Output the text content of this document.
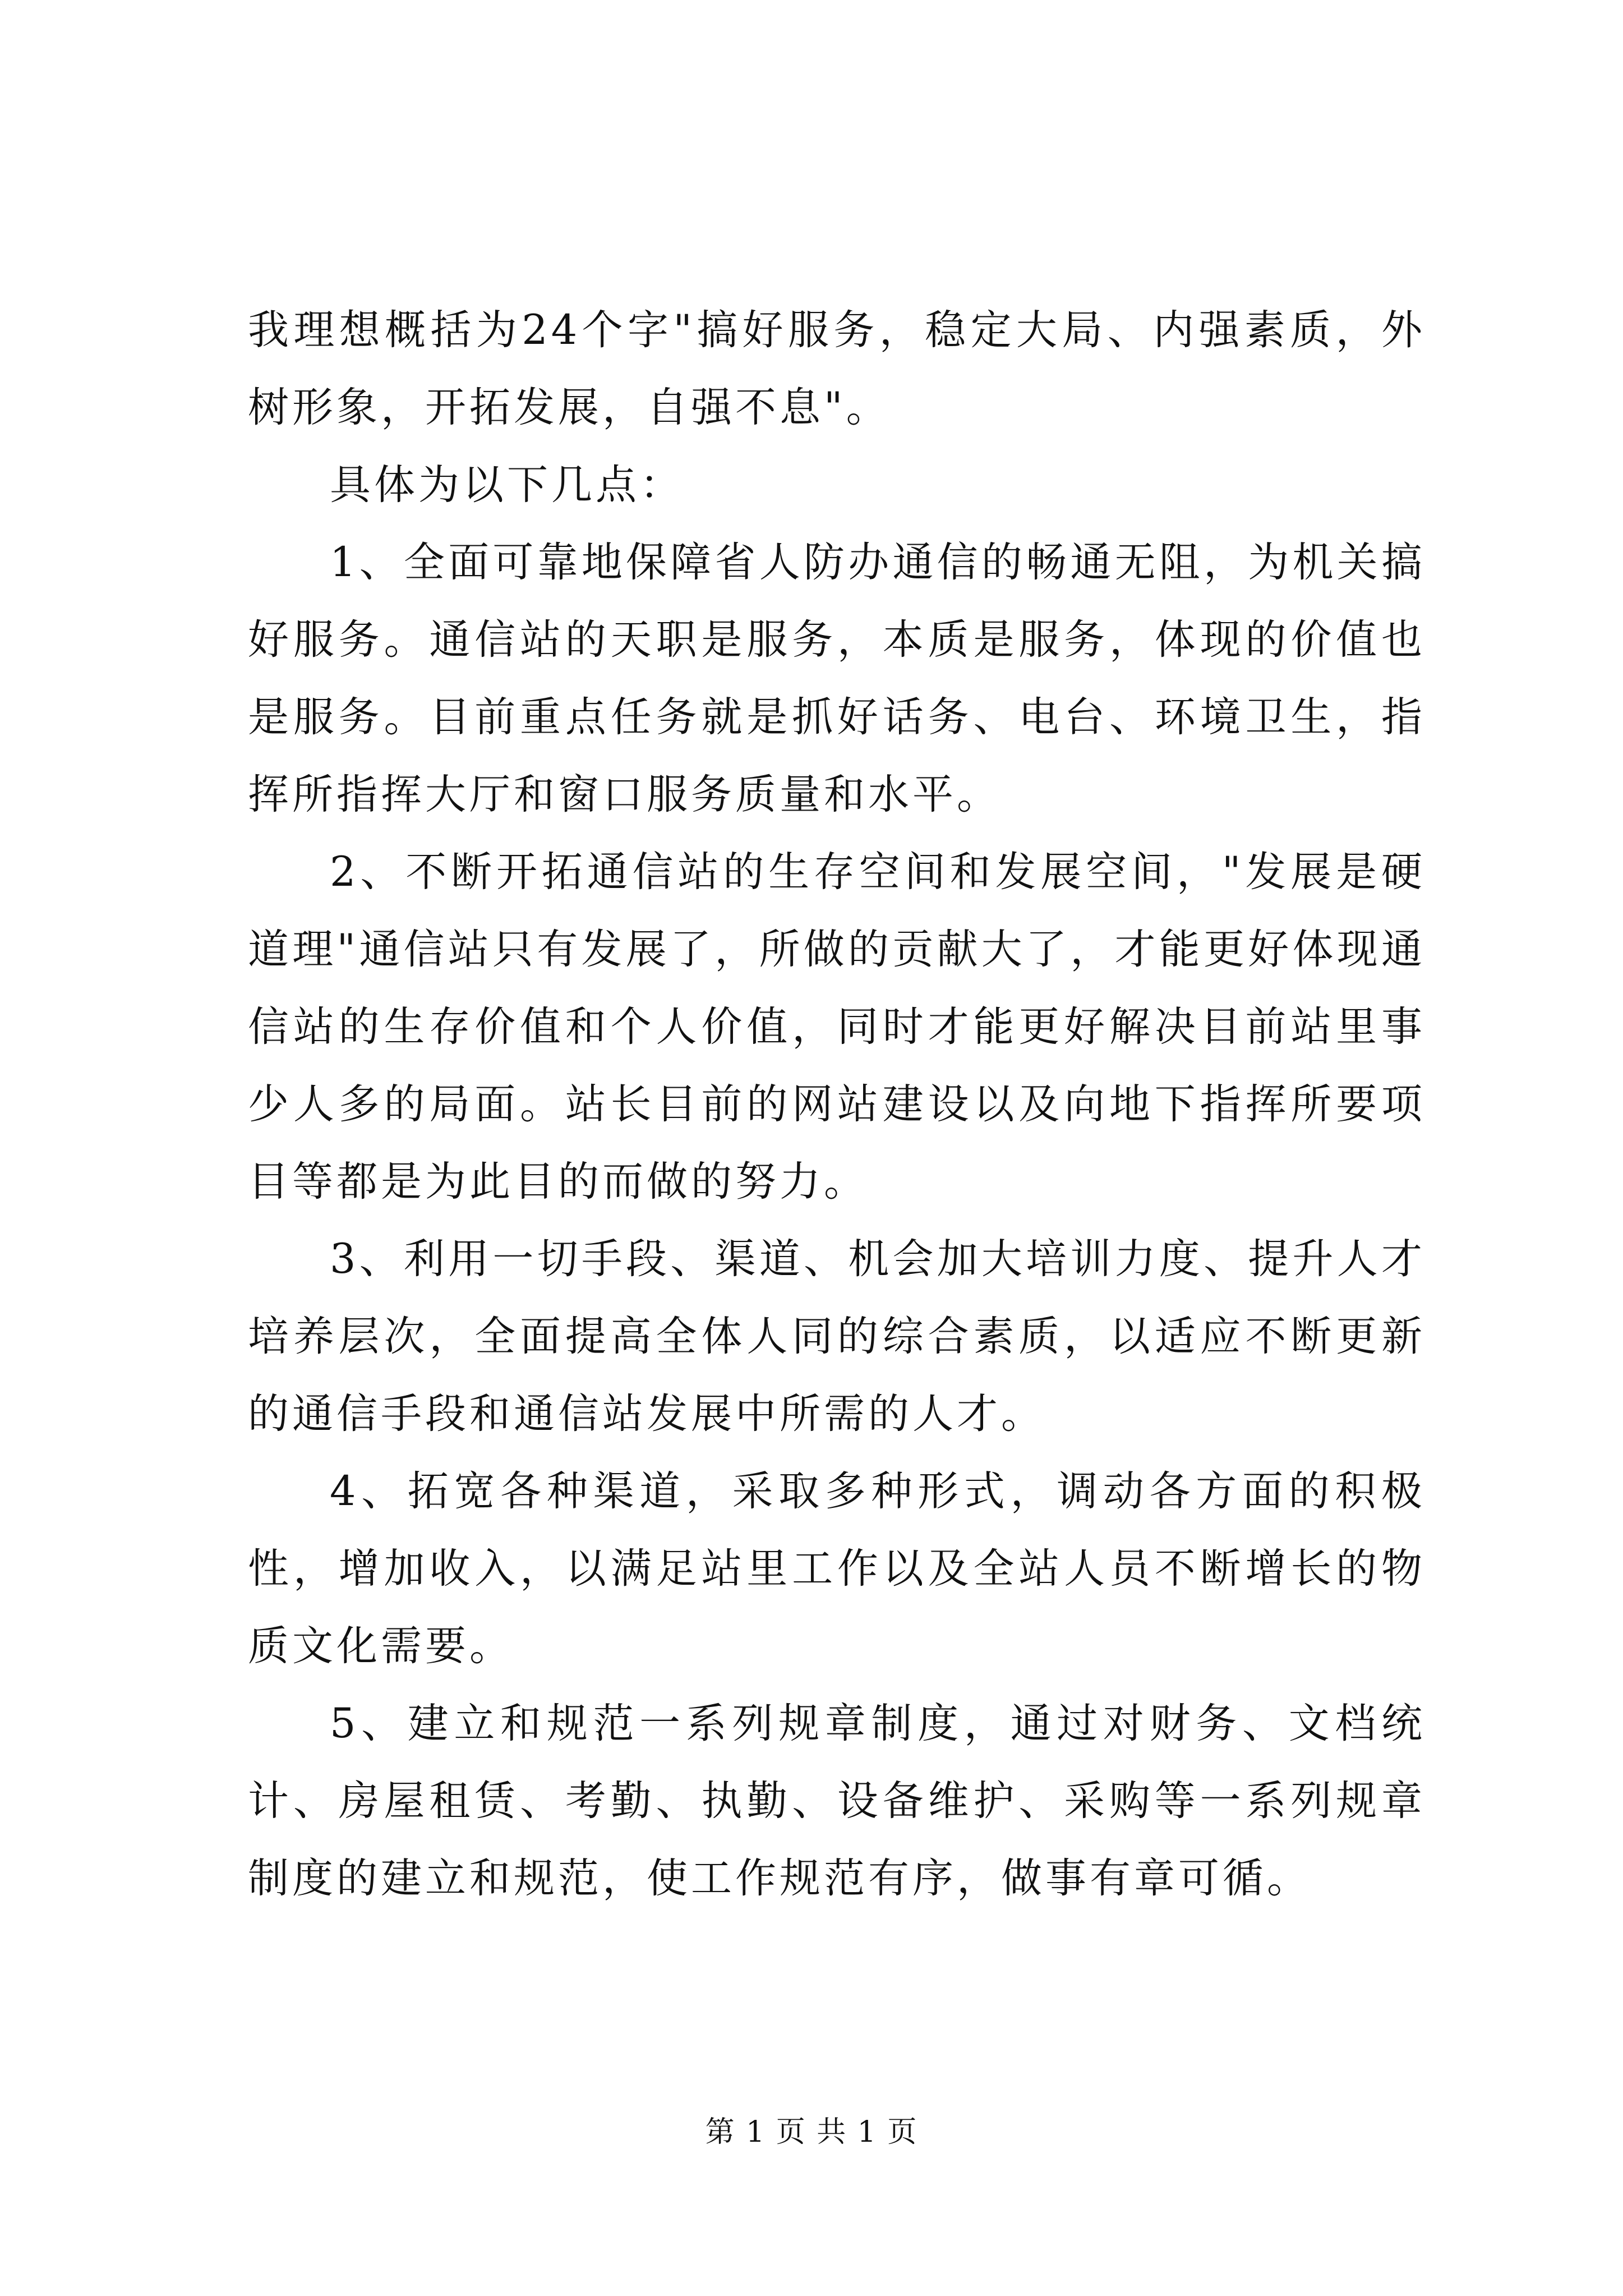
我理想概括为24个字"搞好服务，稳定大局、内强素质，外树形象，开拓发展，自强不息"。

具体为以下几点：

1、全面可靠地保障省人防办通信的畅通无阻，为机关搞好服务。通信站的天职是服务，本质是服务，体现的价值也是服务。目前重点任务就是抓好话务、电台、环境卫生，指挥所指挥大厅和窗口服务质量和水平。

2、不断开拓通信站的生存空间和发展空间，"发展是硬道理"通信站只有发展了，所做的贡献大了，才能更好体现通信站的生存价值和个人价值，同时才能更好解决目前站里事少人多的局面。站长目前的网站建设以及向地下指挥所要项目等都是为此目的而做的努力。

3、利用一切手段、渠道、机会加大培训力度、提升人才培养层次，全面提高全体人同的综合素质，以适应不断更新的通信手段和通信站发展中所需的人才。

4、拓宽各种渠道，采取多种形式，调动各方面的积极性，增加收入，以满足站里工作以及全站人员不断增长的物质文化需要。

5、建立和规范一系列规章制度，通过对财务、文档统计、房屋租赁、考勤、执勤、设备维护、采购等一系列规章制度的建立和规范，使工作规范有序，做事有章可循。

第 1 页 共 1 页
